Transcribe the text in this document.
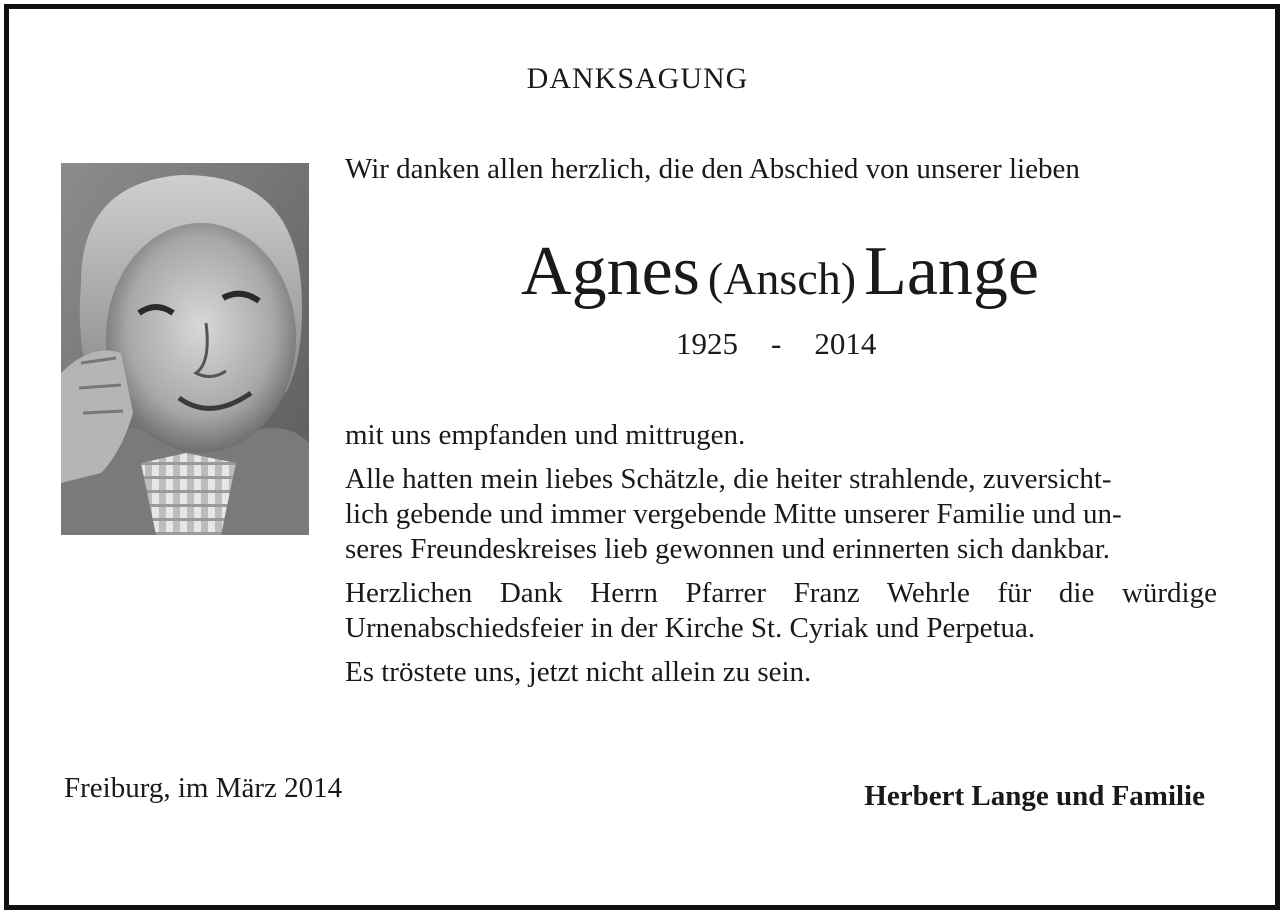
DANKSAGUNG
Wir danken allen herzlich, die den Abschied von unserer lieben
Agnes (Ansch) Lange
1925 - 2014

mit uns empfanden und mittrugen.

Alle hatten mein liebes Schätzle, die heiter strahlende, zuversicht-
lich gebende und immer vergebende Mitte unserer Familie und un-
seres Freundeskreises lieb gewonnen und erinnerten sich dankbar.

Herzlichen Dank Herrn Pfarrer Franz Wehrle für die würdige Urnenabschiedsfeier in der Kirche St. Cyriak und Perpetua.

Es tröstete uns, jetzt nicht allein zu sein.

Freiburg, im März 2014	Herbert Lange und Familie
